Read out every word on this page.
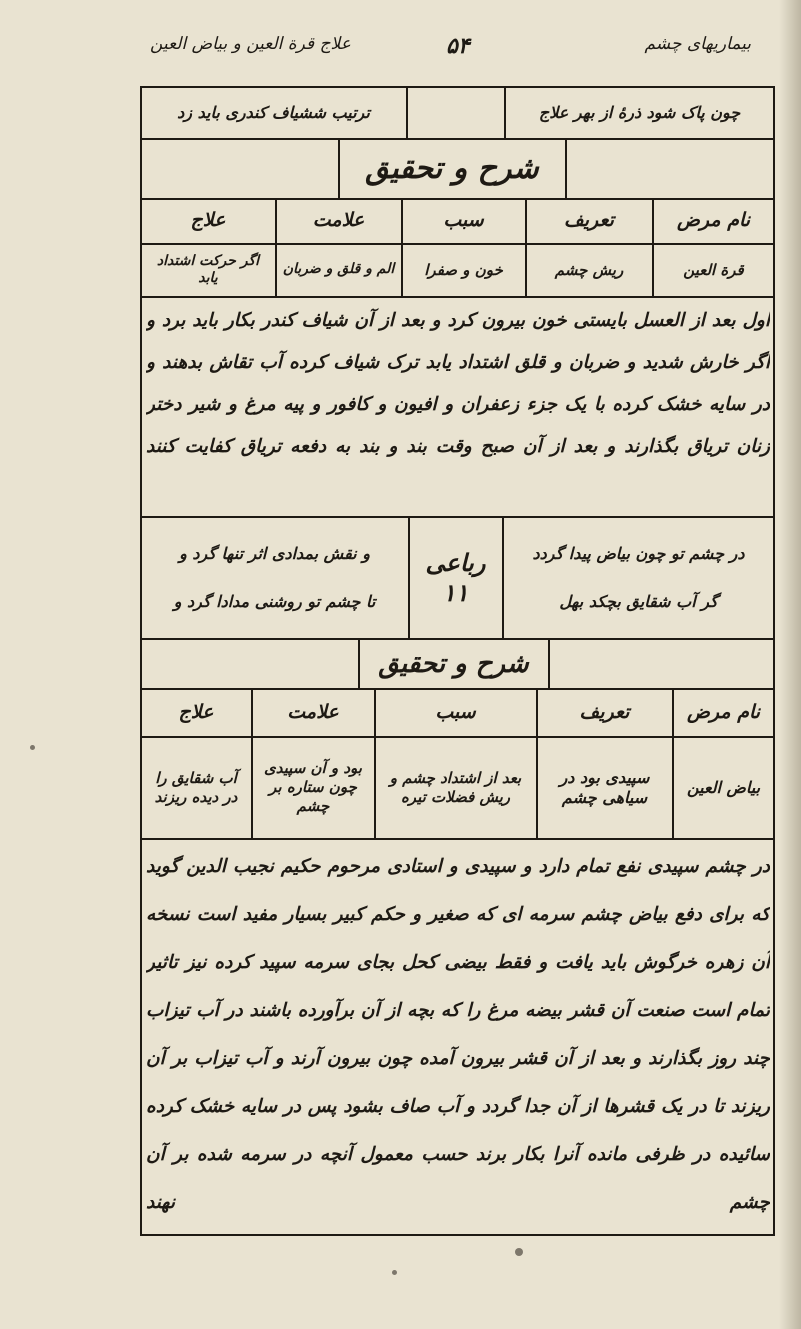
بیماریهای چشم
۵۴
علاج قرة العین و بیاض العین
چون پاک شود ذرهٔ از بهر علاج
ترتیب ششیاف کندری باید زد
شرح و تحقیق
نام مرض
تعریف
سبب
علامت
علاج
قرة العین
ریش چشم
خون و صفرا
الم و قلق و ضربان
اگر حرکت اشتداد یابد
اول بعد از العسل بایستی خون بیرون کرد و بعد از آن شیاف کندر بکار باید برد و اگر خارش شدید و ضربان و قلق اشتداد یابد ترک شیاف کرده آب تقاش بدهند و در سایه خشک کرده با یک جزء زعفران و افیون و کافور و پیه مرغ و شیر دختر زنان تریاق بگذارند و بعد از آن صبح وقت بند و بند به دفعه تریاق کفایت کنند
رباعی
۱۱
در چشم تو چون بیاض پیدا گردد
گر آب شقایق بچکد بهل
و نقش بمدادی اثر تنها گرد و
تا چشم تو روشنی مدادا گرد و
شرح و تحقیق
نام مرض
تعریف
سبب
علامت
علاج
بیاض العین
سپیدی بود در سیاهی چشم
بعد از اشتداد چشم و ریش فضلات تیره
بود و آن سپیدی چون ستاره بر چشم
آب شقایق را در دیده ریزند
در چشم سپیدی نفع تمام دارد و سپیدی و استادی مرحوم حکیم نجیب الدین گوید که برای دفع بیاض چشم سرمه ای که صغیر و حکم کبیر بسیار مفید است نسخه آن زهره خرگوش باید یافت و فقط بیضی کحل بجای سرمه سپید کرده نیز تاثیر تمام است صنعت آن قشر بیضه مرغ را که بچه از آن برآورده باشند در آب تیزاب چند روز بگذارند و بعد از آن قشر بیرون آمده چون بیرون آرند و آب تیزاب بر آن ریزند تا در یک قشرها از آن جدا گردد و آب صاف بشود پس در سایه خشک کرده سائیده در ظرفی مانده آنرا بکار برند حسب معمول آنچه در سرمه شده بر آن چشم نهند
